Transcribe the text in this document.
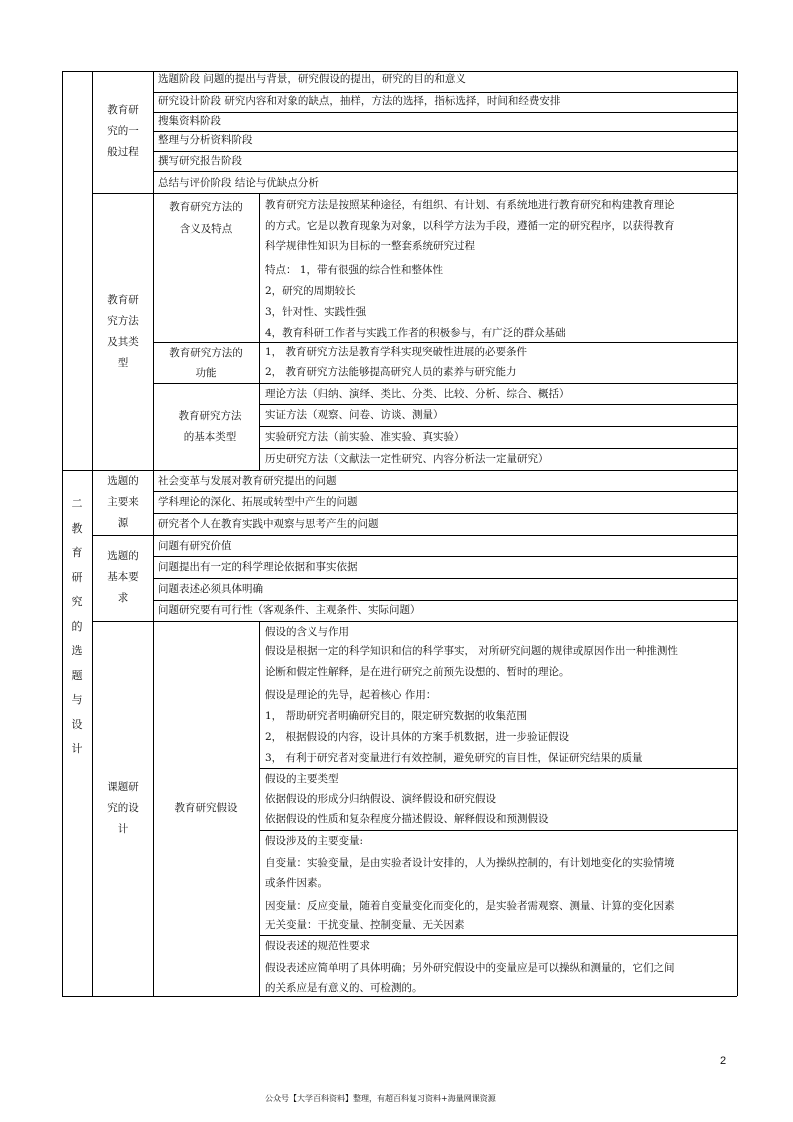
二
教
育
研
究
的
选
题
与
设
计
教育研
究的一
般过程
选题阶段 问题的提出与背景，研究假设的提出，研究的目的和意义
研究设计阶段 研究内容和对象的缺点，抽样，方法的选择，指标选择，时间和经费安排
搜集资料阶段
整理与分析资料阶段
撰写研究报告阶段
总结与评价阶段 结论与优缺点分析
教育研
究方法
及其类
型
教育研究方法的
含义及特点
教育研究方法是按照某种途径，有组织、有计划、有系统地进行教育研究和构建教育理论
的方式。它是以教育现象为对象，以科学方法为手段，遵循一定的研究程序，以获得教育
科学规律性知识为目标的一整套系统研究过程
特点： 1，带有很强的综合性和整体性
2，研究的周期较长
3，针对性、实践性强
4，教育科研工作者与实践工作者的积极参与，有广泛的群众基础
教育研究方法的
功能
1， 教育研究方法是教育学科实现突破性进展的必要条件
2， 教育研究方法能够提高研究人员的素养与研究能力
教育研究方法
的基本类型
理论方法（归纳、演绎、类比、分类、比较、分析、综合、概括）
实证方法（观察、问卷、访谈、测量）
实验研究方法（前实验、准实验、真实验）
历史研究方法（文献法一定性研究、内容分析法一定量研究）
选题的
主要来
源
社会变革与发展对教育研究提出的问题
学科理论的深化、拓展或转型中产生的问题
研究者个人在教育实践中观察与思考产生的问题
选题的
基本要
求
问题有研究价值
问题提出有一定的科学理论依据和事实依据
问题表述必须具体明确
问题研究要有可行性（客观条件、主观条件、实际问题）
课题研
究的设
计
教育研究假设
假设的含义与作用
假设是根据一定的科学知识和信的科学事实， 对所研究问题的规律或原因作出一种推测性
论断和假定性解释，是在进行研究之前预先设想的、暂时的理论。
假设是理论的先导，起着核心 作用：
1， 帮助研究者明确研究目的，限定研究数据的收集范围
2， 根据假设的内容，设计具体的方案手机数据，进一步验证假设
3， 有利于研究者对变量进行有效控制，避免研究的盲目性，保证研究结果的质量
假设的主要类型
依据假设的形成分归纳假设、演绎假设和研究假设
依据假设的性质和复杂程度分描述假设、解释假设和预测假设
假设涉及的主要变量:
自变量：实验变量，是由实验者设计安排的，人为操纵控制的，有计划地变化的实验情境
或条件因素。
因变量：反应变量，随着自变量变化而变化的，是实验者需观察、测量、计算的变化因素
无关变量：干扰变量、控制变量、无关因素
假设表述的规范性要求
假设表述应简单明了具体明确；另外研究假设中的变量应是可以操纵和测量的，它们之间
的关系应是有意义的、可检测的。
2
公众号【大学百科资料】整理，有超百科复习资料+海量网课资源
